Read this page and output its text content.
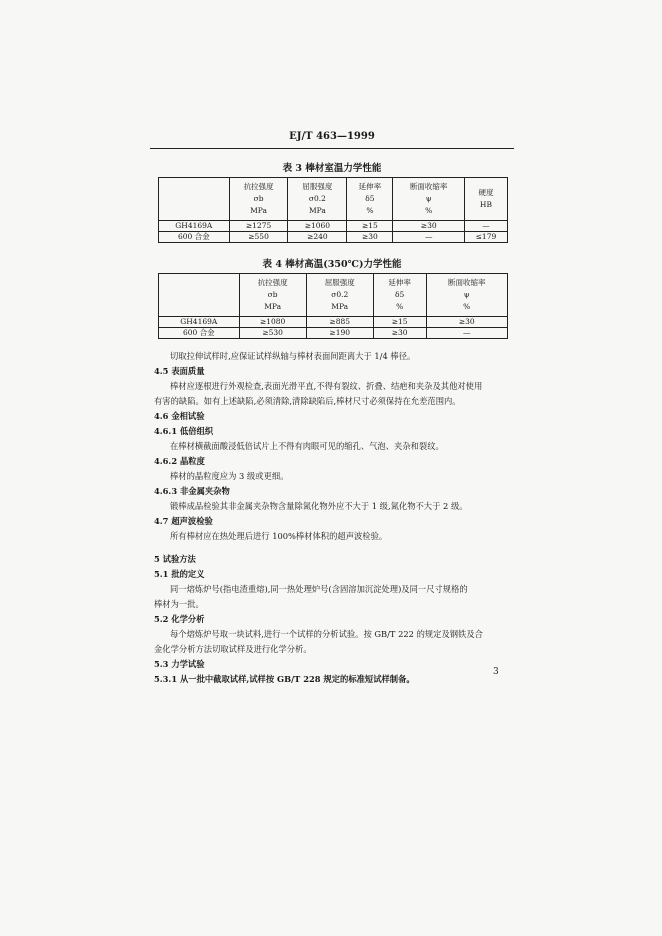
EJ/T 463—1999
表 3 棒材室温力学性能

	抗拉强度
σb
MPa	屈服强度
σ0.2
MPa	延伸率
δ5
%	断面收缩率
ψ
%	硬度
HB

GH4169A	≥1275	≥1060	≥15	≥30	—
600 合金	≥550	≥240	≥30	—	≤179
表 4 棒材高温(350℃)力学性能

	抗拉强度
σb
MPa	屈服强度
σ0.2
MPa	延伸率
δ5
%	断面收缩率
ψ
%

GH4169A	≥1080	≥885	≥15	≥30
600 合金	≥530	≥190	≥30	—
切取拉伸试样时,应保证试样纵轴与棒材表面间距离大于 1/4 棒径。
4.5 表面质量
棒材应逐根进行外观检查,表面光滑平直,不得有裂纹、折叠、结疤和夹杂及其他对使用
有害的缺陷。如有上述缺陷,必须清除,清除缺陷后,棒材尺寸必须保持在允差范围内。
4.6 金相试验
4.6.1 低倍组织
在棒材横截面酸浸低倍试片上不得有肉眼可见的缩孔、气泡、夹杂和裂纹。
4.6.2 晶粒度
棒材的晶粒度应为 3 级或更细。
4.6.3 非金属夹杂物
锻棒成品检验其非金属夹杂物含量除氮化物外应不大于 1 级,氮化物不大于 2 级。
4.7 超声波检验
所有棒材应在热处理后进行 100%棒材体积的超声波检验。
5 试验方法
5.1 批的定义
同一熔炼炉号(指电渣重熔),同一热处理炉号(含固溶加沉淀处理)及同一尺寸规格的
棒材为一批。
5.2 化学分析
每个熔炼炉号取一块试料,进行一个试样的分析试验。按 GB/T 222 的规定及钢铁及合
金化学分析方法切取试样及进行化学分析。
5.3 力学试验
5.3.1 从一批中截取试样,试样按 GB/T 228 规定的标准短试样制备。
3
